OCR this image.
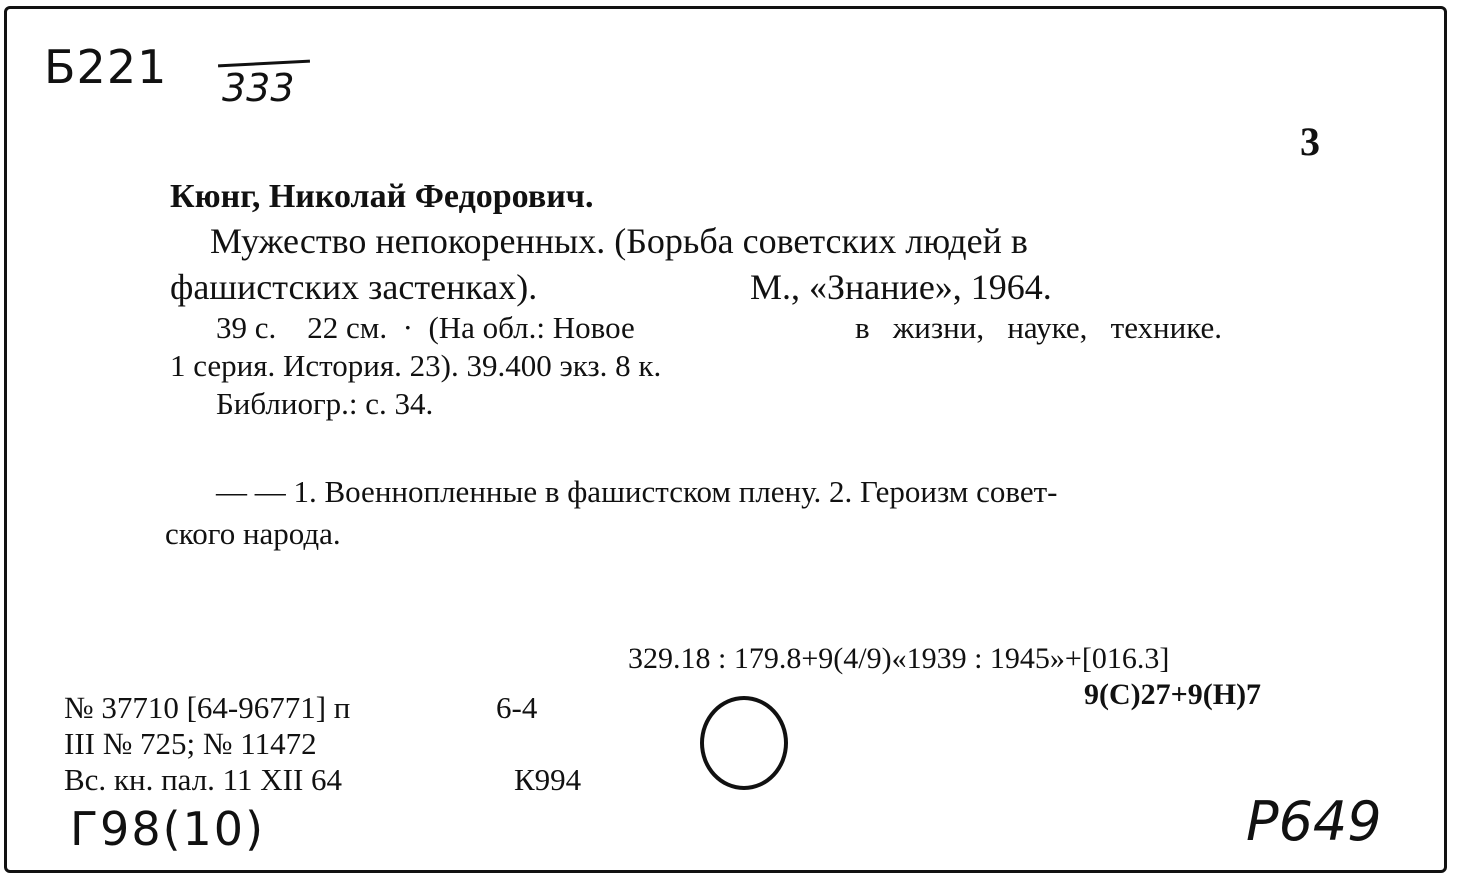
Б221 333
3
Кюнг, Николай Федорович.
Мужество непокоренных. (Борьба советских людей в
фашистских застенках).	М., «Знание», 1964.
39 с.    22 см.  ·  (На обл.: Новое	в   жизни,   науке,   технике.
1 серия. История. 23). 39.400 экз. 8 к.
Библиогр.: с. 34.
— — 1. Военнопленные в фашистском плену. 2. Героизм совет-
ского народа.
329.18 : 179.8+9(4/9)«1939 : 1945»+[016.3]
9(С)27+9(Н)7
№ 37710 [64-96771] п	6-4
III № 725; № 11472
Вс. кн. пал. 11 XII 64	К994
Г98(10)	Р649
